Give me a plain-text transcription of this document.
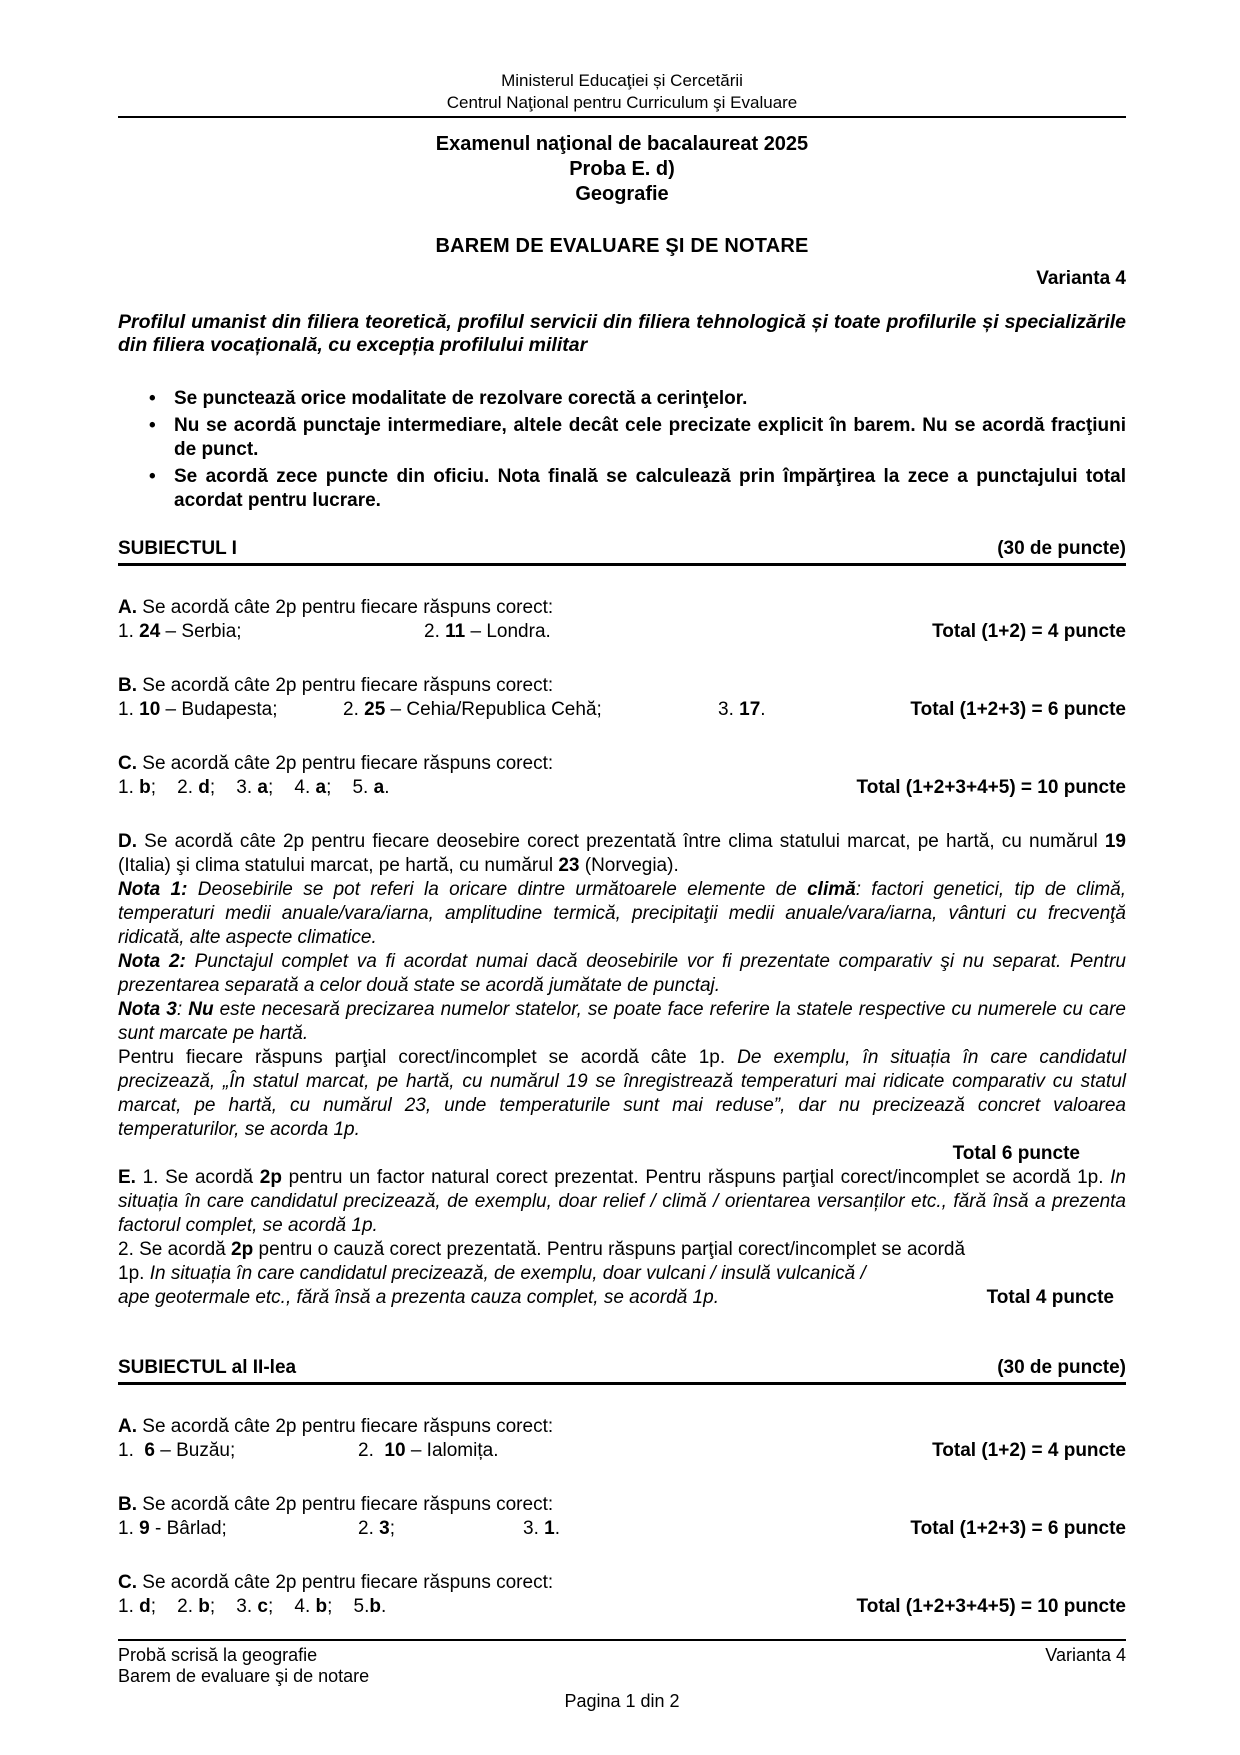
Ministerul Educaţiei și Cercetării
Centrul Naţional pentru Curriculum şi Evaluare
Examenul naţional de bacalaureat 2025
Proba E. d)
Geografie
BAREM DE EVALUARE ŞI DE NOTARE
Varianta 4
Profilul umanist din filiera teoretică, profilul servicii din filiera tehnologică și toate profilurile și specializările din filiera vocațională, cu excepția profilului militar
• Se punctează orice modalitate de rezolvare corectă a cerinţelor.
• Nu se acordă punctaje intermediare, altele decât cele precizate explicit în barem. Nu se acordă fracţiuni de punct.
• Se acordă zece puncte din oficiu. Nota finală se calculează prin împărţirea la zece a punctajului total acordat pentru lucrare.
SUBIECTUL I	(30 de puncte)
A. Se acordă câte 2p pentru fiecare răspuns corect:
1. 24 – Serbia;	2. 11 – Londra.	Total (1+2) = 4 puncte
B. Se acordă câte 2p pentru fiecare răspuns corect:
1. 10 – Budapesta;	2. 25 – Cehia/Republica Cehă;	3. 17.	Total (1+2+3) = 6 puncte
C. Se acordă câte 2p pentru fiecare răspuns corect:
1. b;    2. d;    3. a;    4. a;    5. a.	Total (1+2+3+4+5) = 10 puncte
D. Se acordă câte 2p pentru fiecare deosebire corect prezentată între clima statului marcat, pe hartă, cu numărul 19 (Italia) şi clima statului marcat, pe hartă, cu numărul 23 (Norvegia).
Nota 1: Deosebirile se pot referi la oricare dintre următoarele elemente de climă: factori genetici, tip de climă, temperaturi medii anuale/vara/iarna, amplitudine termică, precipitaţii medii anuale/vara/iarna, vânturi cu frecvenţă ridicată, alte aspecte climatice.
Nota 2: Punctajul complet va fi acordat numai dacă deosebirile vor fi prezentate comparativ şi nu separat. Pentru prezentarea separată a celor două state se acordă jumătate de punctaj.
Nota 3: Nu este necesară precizarea numelor statelor, se poate face referire la statele respective cu numerele cu care sunt marcate pe hartă.
Pentru fiecare răspuns parţial corect/incomplet se acordă câte 1p. De exemplu, în situația în care candidatul precizează, „În statul marcat, pe hartă, cu numărul 19 se înregistrează temperaturi mai ridicate comparativ cu statul marcat, pe hartă, cu numărul 23, unde temperaturile sunt mai reduse”, dar nu precizează concret valoarea temperaturilor, se acorda 1p.
Total 6 puncte
E. 1. Se acordă 2p pentru un factor natural corect prezentat. Pentru răspuns parţial corect/incomplet se acordă 1p. In situația în care candidatul precizează, de exemplu, doar relief / climă / orientarea versanților etc., fără însă a prezenta factorul complet, se acordă 1p.
2. Se acordă 2p pentru o cauză corect prezentată. Pentru răspuns parţial corect/incomplet se acordă
1p. In situația în care candidatul precizează, de exemplu, doar vulcani / insulă vulcanică /
ape geotermale etc., fără însă a prezenta cauza complet, se acordă 1p.	Total 4 puncte
SUBIECTUL al II-lea	(30 de puncte)
A. Se acordă câte 2p pentru fiecare răspuns corect:
1.  6 – Buzău;	2.  10 – Ialomița.	Total (1+2) = 4 puncte
B. Se acordă câte 2p pentru fiecare răspuns corect:
1. 9 - Bârlad;	2. 3;	3. 1.	Total (1+2+3) = 6 puncte
C. Se acordă câte 2p pentru fiecare răspuns corect:
1. d;    2. b;    3. c;    4. b;    5.b.	Total (1+2+3+4+5) = 10 puncte
Probă scrisă la geografie	Varianta 4
Barem de evaluare şi de notare
Pagina 1 din 2
